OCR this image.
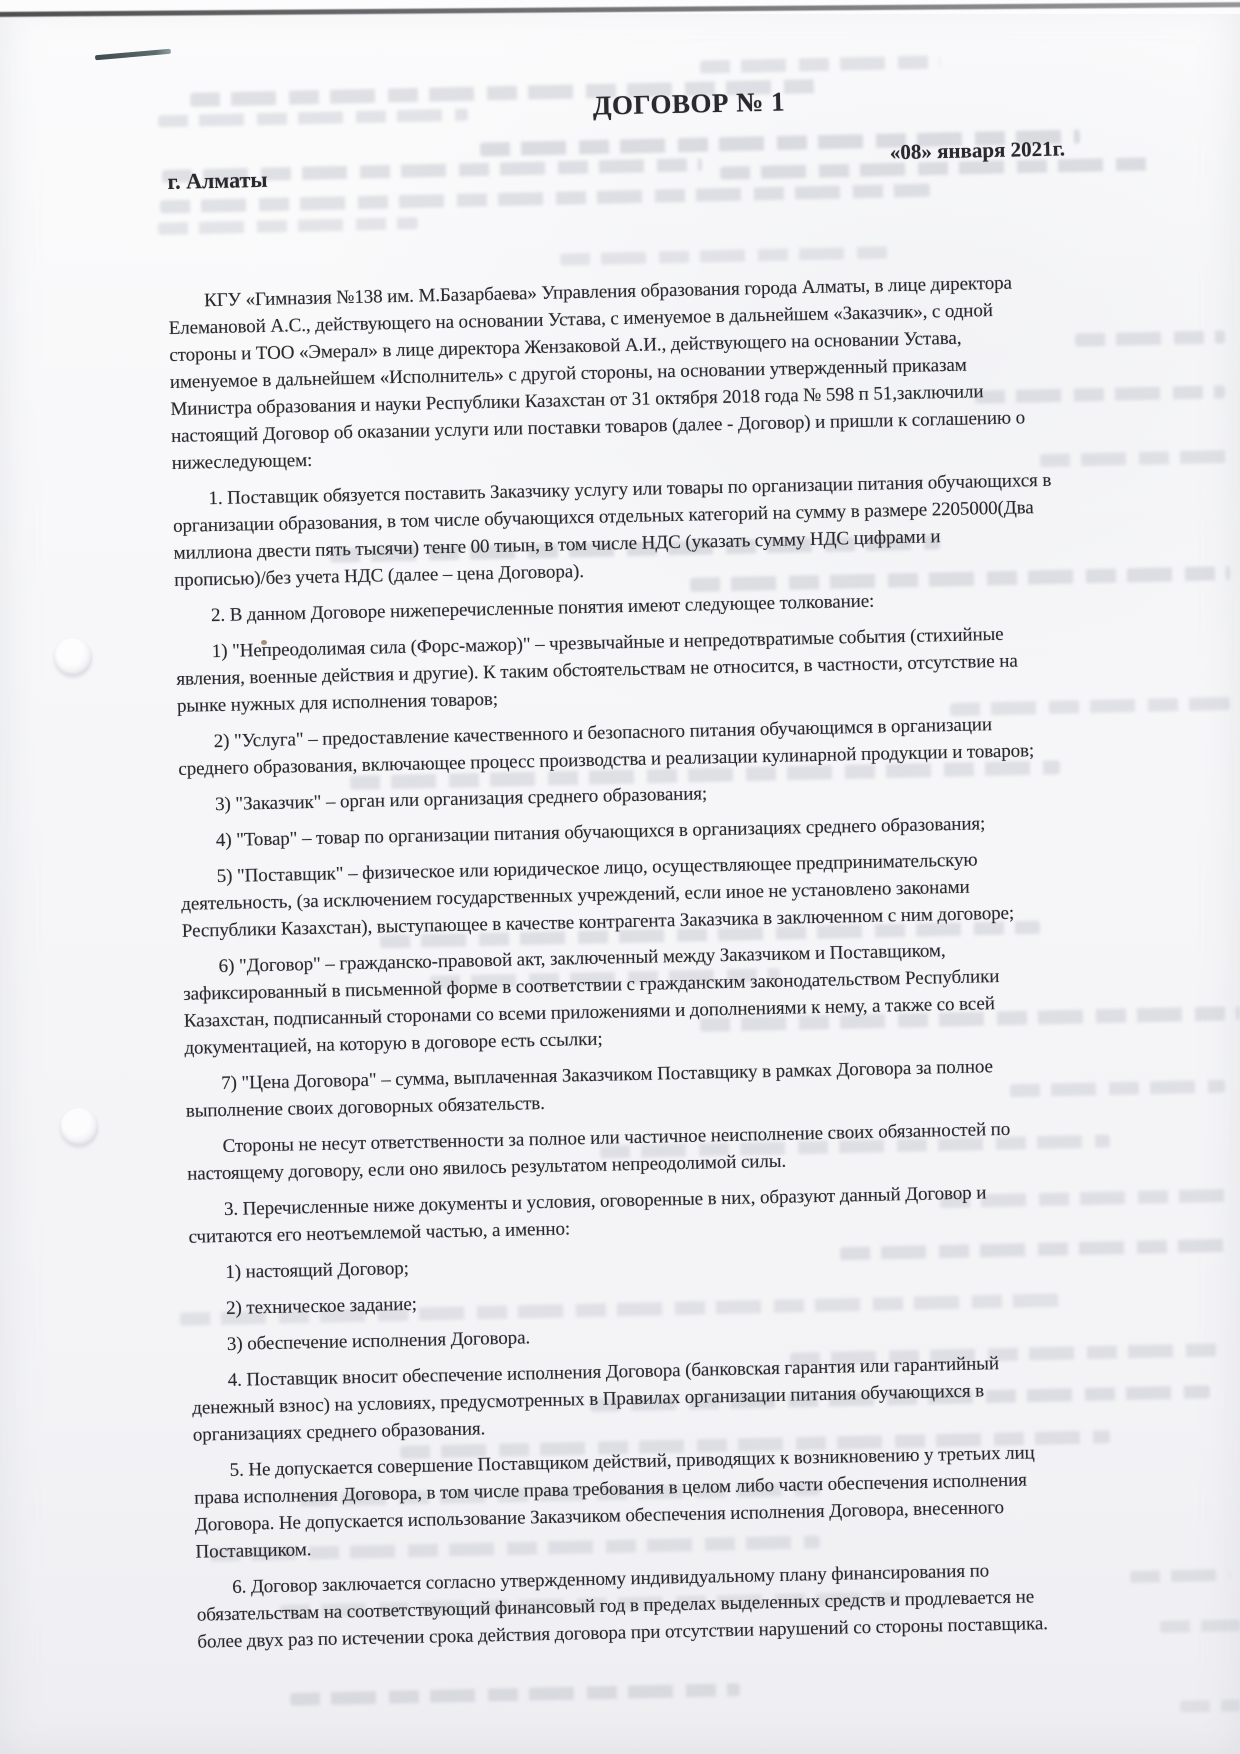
ДОГОВОР № 1
«08» января 2021г.
г. Алматы

КГУ «Гимназия №138 им. М.Базарбаева» Управления образования города Алматы, в лице директора
Елемановой А.С., действующего на основании Устава, с именуемое в дальнейшем «Заказчик», с одной
стороны и ТОО «Эмерал» в лице директора Жензаковой А.И., действующего на основании Устава,
именуемое в дальнейшем «Исполнитель» с другой стороны, на основании утвержденный приказам
Министра образования и науки Республики Казахстан от 31 октября 2018 года № 598 п 51,заключили
настоящий Договор об оказании услуги или поставки товаров (далее - Договор) и пришли к соглашению о
нижеследующем:

1. Поставщик обязуется поставить Заказчику услугу или товары по организации питания обучающихся в
организации образования, в том числе обучающихся отдельных категорий на сумму в размере 2205000(Два
миллиона двести пять тысячи) тенге 00 тиын, в том числе НДС (указать сумму НДС цифрами и
прописью)/без учета НДС (далее – цена Договора).

2. В данном Договоре нижеперечисленные понятия имеют следующее толкование:

1) "Непреодолимая сила (Форс-мажор)" – чрезвычайные и непредотвратимые события (стихийные
явления, военные действия и другие). К таким обстоятельствам не относится, в частности, отсутствие на
рынке нужных для исполнения товаров;

2) "Услуга" – предоставление качественного и безопасного питания обучающимся в организации
среднего образования, включающее процесс производства и реализации кулинарной продукции и товаров;

3) "Заказчик" – орган или организация среднего образования;

4) "Товар" – товар по организации питания обучающихся в организациях среднего образования;

5) "Поставщик" – физическое или юридическое лицо, осуществляющее предпринимательскую
деятельность, (за исключением государственных учреждений, если иное не установлено законами
Республики Казахстан), выступающее в качестве контрагента Заказчика в заключенном с ним договоре;

6) "Договор" – гражданско-правовой акт, заключенный между Заказчиком и Поставщиком,
зафиксированный в письменной форме в соответствии с гражданским законодательством Республики
Казахстан, подписанный сторонами со всеми приложениями и дополнениями к нему, а также со всей
документацией, на которую в договоре есть ссылки;

7) "Цена Договора" – сумма, выплаченная Заказчиком Поставщику в рамках Договора за полное
выполнение своих договорных обязательств.

Стороны не несут ответственности за полное или частичное неисполнение своих обязанностей по
настоящему договору, если оно явилось результатом непреодолимой силы.

3. Перечисленные ниже документы и условия, оговоренные в них, образуют данный Договор и
считаются его неотъемлемой частью, а именно:

1) настоящий Договор;

2) техническое задание;

3) обеспечение исполнения Договора.

4. Поставщик вносит обеспечение исполнения Договора (банковская гарантия или гарантийный
денежный взнос) на условиях, предусмотренных в Правилах организации питания обучающихся в
организациях среднего образования.

5. Не допускается совершение Поставщиком действий, приводящих к возникновению у третьих лиц
права исполнения Договора, в том числе права требования в целом либо части обеспечения исполнения
Договора. Не допускается использование Заказчиком обеспечения исполнения Договора, внесенного
Поставщиком.

6. Договор заключается согласно утвержденному индивидуальному плану финансирования по
обязательствам на соответствующий финансовый год в пределах выделенных средств и продлевается не
более двух раз по истечении срока действия договора при отсутствии нарушений со стороны поставщика.
